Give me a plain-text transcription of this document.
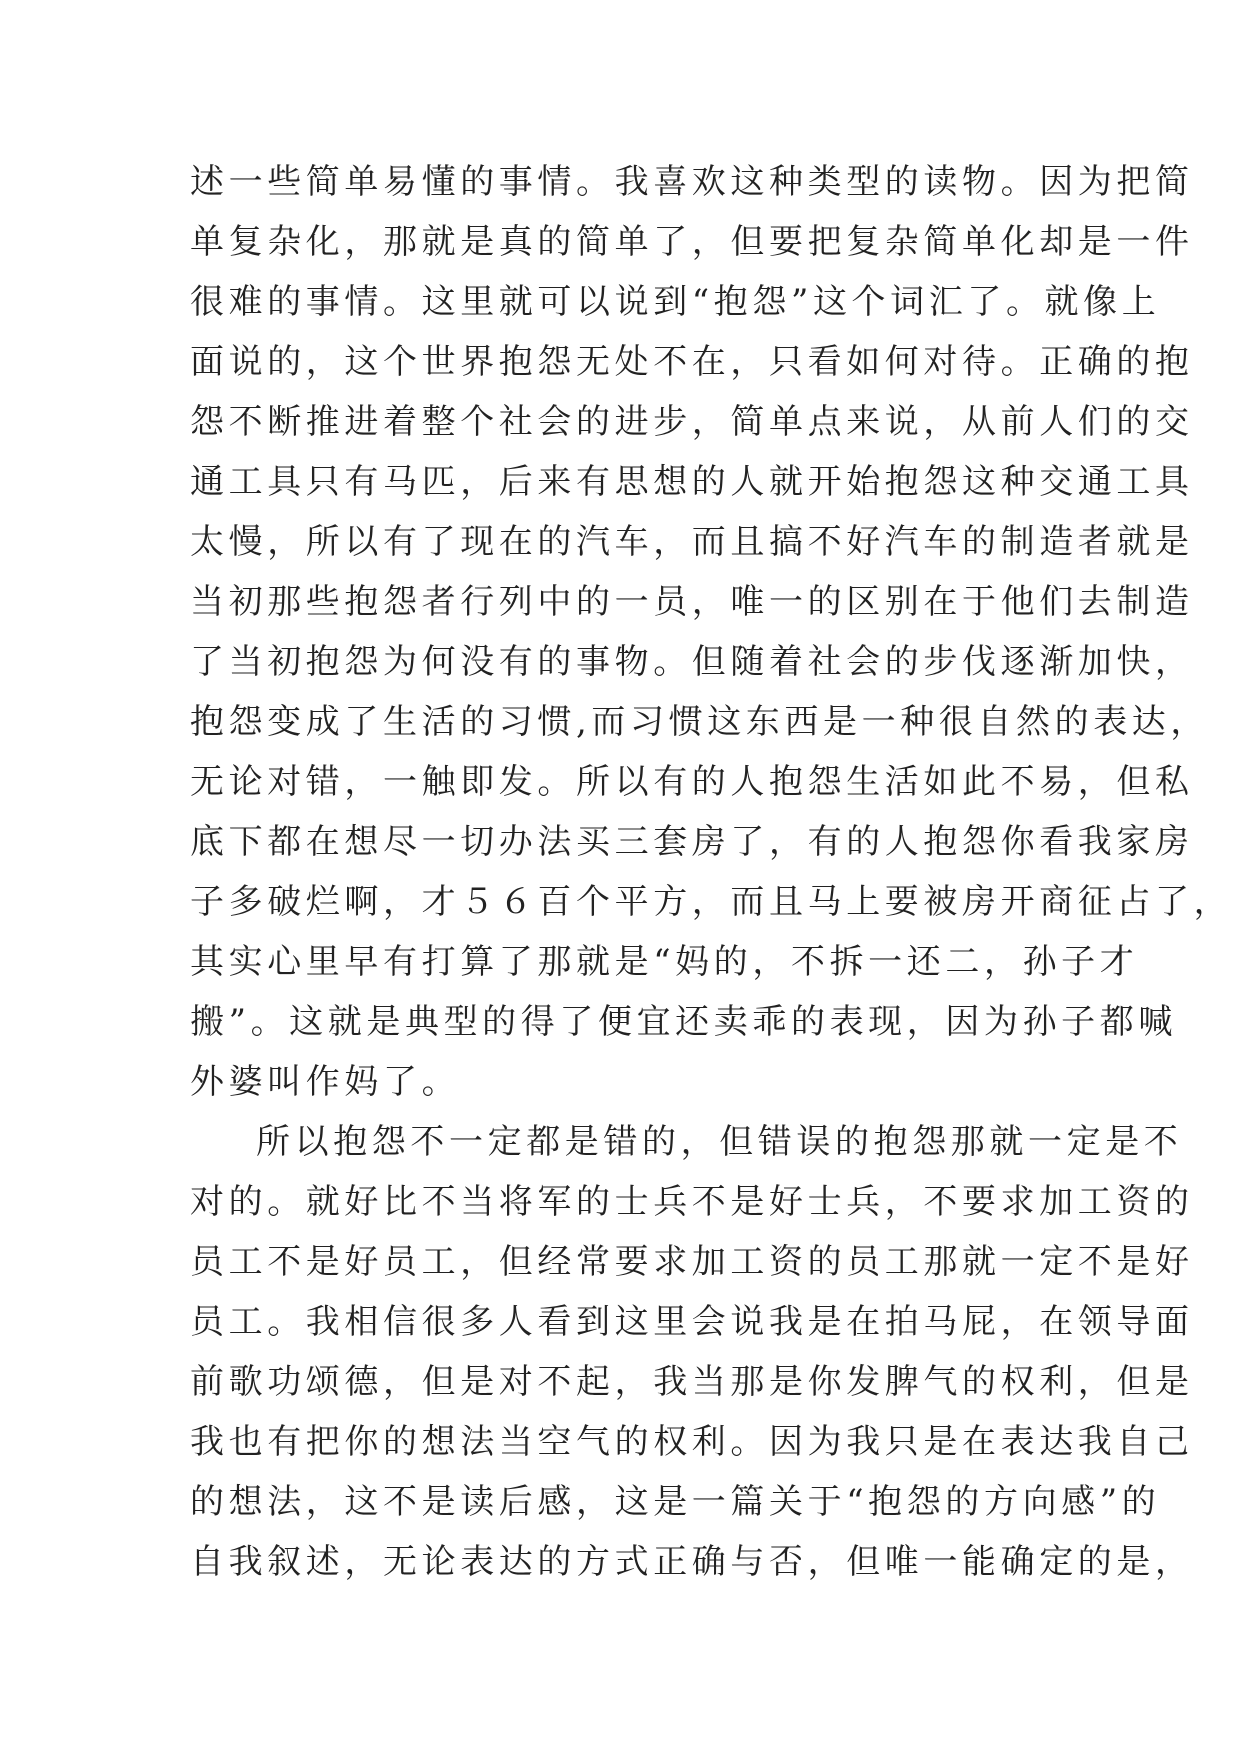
述一些简单易懂的事情。我喜欢这种类型的读物。因为把简
单复杂化，那就是真的简单了，但要把复杂简单化却是一件
很难的事情。这里就可以说到“抱怨”这个词汇了。就像上
面说的，这个世界抱怨无处不在，只看如何对待。正确的抱
怨不断推进着整个社会的进步，简单点来说，从前人们的交
通工具只有马匹，后来有思想的人就开始抱怨这种交通工具
太慢，所以有了现在的汽车，而且搞不好汽车的制造者就是
当初那些抱怨者行列中的一员，唯一的区别在于他们去制造
了当初抱怨为何没有的事物。但随着社会的步伐逐渐加快，
抱怨变成了生活的习惯,而习惯这东西是一种很自然的表达，
无论对错，一触即发。所以有的人抱怨生活如此不易，但私
底下都在想尽一切办法买三套房了，有的人抱怨你看我家房
子多破烂啊，才５６百个平方，而且马上要被房开商征占了，
其实心里早有打算了那就是“妈的，不拆一还二，孙子才
搬”。这就是典型的得了便宜还卖乖的表现，因为孙子都喊
外婆叫作妈了。
所以抱怨不一定都是错的，但错误的抱怨那就一定是不
对的。就好比不当将军的士兵不是好士兵，不要求加工资的
员工不是好员工，但经常要求加工资的员工那就一定不是好
员工。我相信很多人看到这里会说我是在拍马屁，在领导面
前歌功颂德，但是对不起，我当那是你发脾气的权利，但是
我也有把你的想法当空气的权利。因为我只是在表达我自己
的想法，这不是读后感，这是一篇关于“抱怨的方向感”的
自我叙述，无论表达的方式正确与否，但唯一能确定的是，
